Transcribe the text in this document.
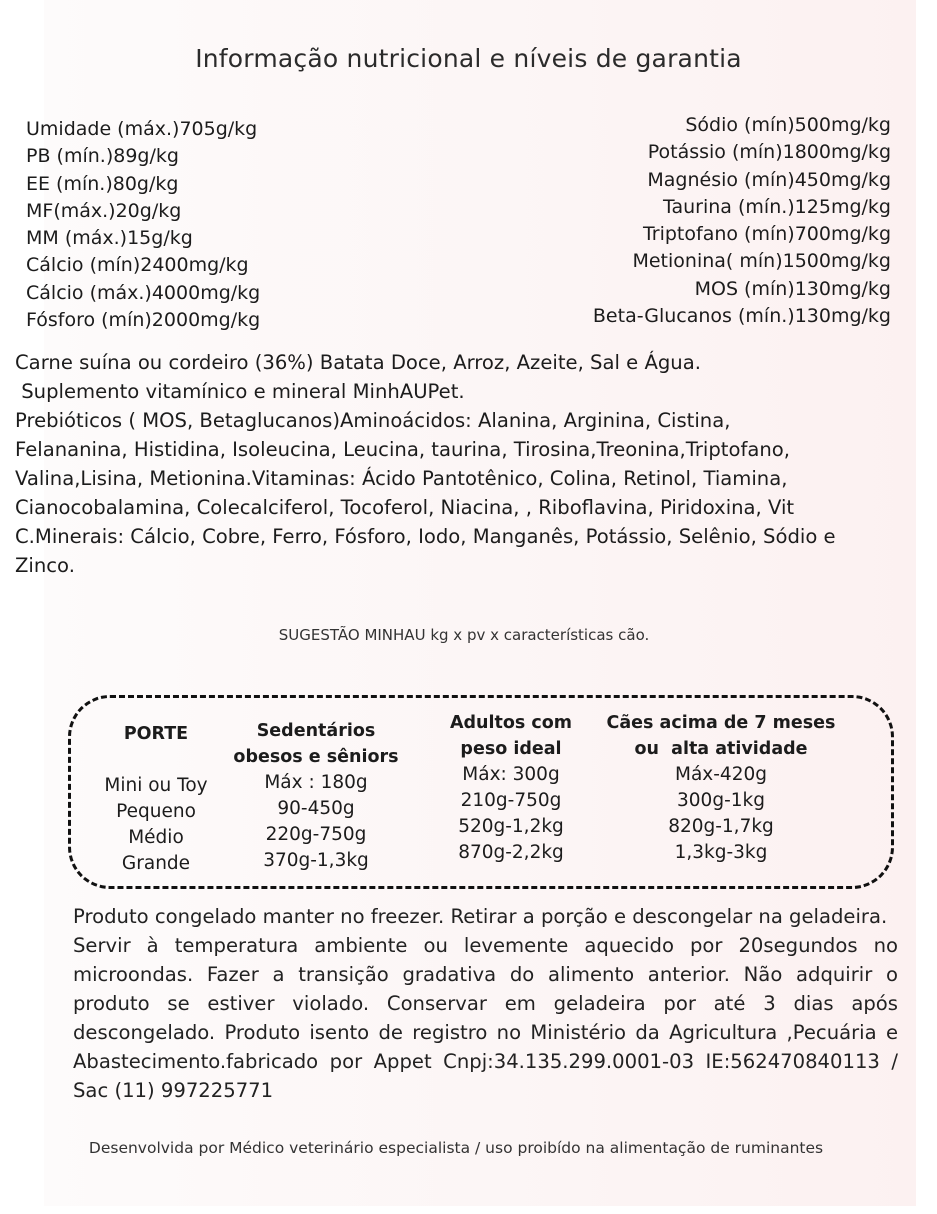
Informação nutricional e níveis de garantia
Umidade (máx.)705g/kg
PB (mín.)89g/kg
EE (mín.)80g/kg
MF(máx.)20g/kg
MM (máx.)15g/kg
Cálcio (mín)2400mg/kg
Cálcio (máx.)4000mg/kg
Fósforo (mín)2000mg/kg
Sódio (mín)500mg/kg
Potássio (mín)1800mg/kg
Magnésio (mín)450mg/kg
Taurina (mín.)125mg/kg
Triptofano (mín)700mg/kg
Metionina( mín)1500mg/kg
MOS (mín)130mg/kg
Beta-Glucanos (mín.)130mg/kg
Carne suína ou cordeiro (36%) Batata Doce, Arroz, Azeite, Sal e Água.
Suplemento vitamínico e mineral MinhAUPet.
Prebióticos ( MOS, Betaglucanos)Aminoácidos: Alanina, Arginina, Cistina,
Felananina, Histidina, Isoleucina, Leucina, taurina, Tirosina,Treonina,Triptofano,
Valina,Lisina, Metionina.Vitaminas: Ácido Pantotênico, Colina, Retinol, Tiamina,
Cianocobalamina, Colecalciferol, Tocoferol, Niacina, , Riboflavina, Piridoxina, Vit
C.Minerais: Cálcio, Cobre, Ferro, Fósforo, Iodo, Manganês, Potássio, Selênio, Sódio e
Zinco.
SUGESTÃO MINHAU kg x pv x características cão.
PORTE
Mini ou Toy
Pequeno
Médio
Grande
Sedentários
obesos e sêniors
Máx : 180g
90-450g
220g-750g
370g-1,3kg
Adultos com
peso ideal
Máx: 300g
210g-750g
520g-1,2kg
870g-2,2kg
Cães acima de 7 meses
ou  alta atividade
Máx-420g
300g-1kg
820g-1,7kg
1,3kg-3kg

Produto congelado manter no freezer. Retirar a porção e descongelar na geladeira.

Servir à temperatura ambiente ou levemente aquecido por 20segundos no microondas. Fazer a transição gradativa do alimento anterior. Não adquirir o produto se estiver violado. Conservar em geladeira por até 3 dias após descongelado. Produto isento de registro no Ministério da Agricultura ,Pecuária e Abastecimento.fabricado por Appet Cnpj:34.135.299.0001-03 IE:562470840113 / Sac (11) 997225771

Desenvolvida por Médico veterinário especialista / uso proibído na alimentação de ruminantes
